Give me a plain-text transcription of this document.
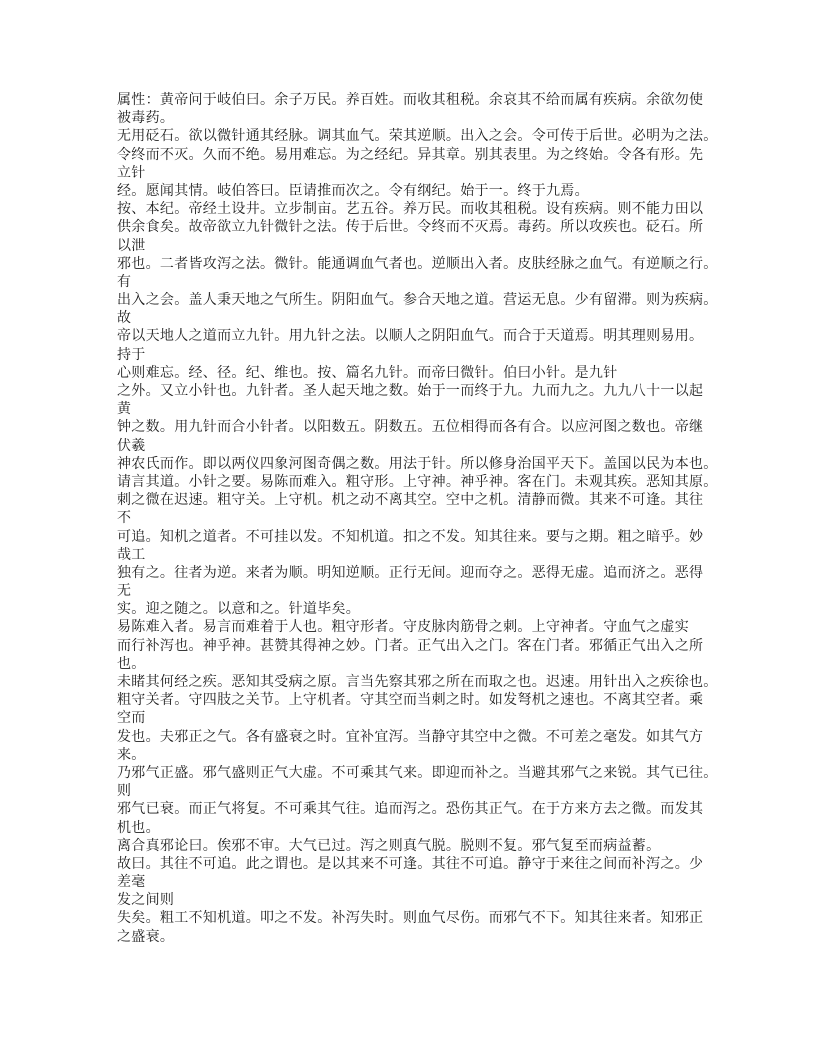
属性：黄帝问于岐伯曰。余子万民。养百姓。而收其租税。余哀其不给而属有疾病。余欲勿使
被毒药。
无用砭石。欲以微针通其经脉。调其血气。荣其逆顺。出入之会。令可传于后世。必明为之法。
令终而不灭。久而不绝。易用难忘。为之经纪。异其章。别其表里。为之终始。令各有形。先
立针
经。愿闻其情。岐伯答曰。臣请推而次之。令有纲纪。始于一。终于九焉。
按、本纪。帝经土设井。立步制亩。艺五谷。养万民。而收其租税。设有疾病。则不能力田以
供余食矣。故帝欲立九针微针之法。传于后世。令终而不灭焉。毒药。所以攻疾也。砭石。所
以泄
邪也。二者皆攻泻之法。微针。能通调血气者也。逆顺出入者。皮肤经脉之血气。有逆顺之行。
有
出入之会。盖人秉天地之气所生。阴阳血气。参合天地之道。营运无息。少有留滞。则为疾病。
故
帝以天地人之道而立九针。用九针之法。以顺人之阴阳血气。而合于天道焉。明其理则易用。
持于
心则难忘。经、径。纪、维也。按、篇名九针。而帝曰微针。伯曰小针。是九针
之外。又立小针也。九针者。圣人起天地之数。始于一而终于九。九而九之。九九八十一以起
黄
钟之数。用九针而合小针者。以阳数五。阴数五。五位相得而各有合。以应河图之数也。帝继
伏羲
神农氏而作。即以两仪四象河图奇偶之数。用法于针。所以修身治国平天下。盖国以民为本也。
请言其道。小针之要。易陈而难入。粗守形。上守神。神乎神。客在门。未观其疾。恶知其原。
刺之微在迟速。粗守关。上守机。机之动不离其空。空中之机。清静而微。其来不可逢。其往
不
可追。知机之道者。不可挂以发。不知机道。扣之不发。知其往来。要与之期。粗之暗乎。妙
哉工
独有之。往者为逆。来者为顺。明知逆顺。正行无间。迎而夺之。恶得无虚。追而济之。恶得
无
实。迎之随之。以意和之。针道毕矣。
易陈难入者。易言而难着于人也。粗守形者。守皮脉肉筋骨之刺。上守神者。守血气之虚实
而行补泻也。神乎神。甚赞其得神之妙。门者。正气出入之门。客在门者。邪循正气出入之所
也。
未睹其何经之疾。恶知其受病之原。言当先察其邪之所在而取之也。迟速。用针出入之疾徐也。
粗守关者。守四肢之关节。上守机者。守其空而当刺之时。如发弩机之速也。不离其空者。乘
空而
发也。夫邪正之气。各有盛衰之时。宜补宜泻。当静守其空中之微。不可差之毫发。如其气方
来。
乃邪气正盛。邪气盛则正气大虚。不可乘其气来。即迎而补之。当避其邪气之来锐。其气已往。
则
邪气已衰。而正气将复。不可乘其气往。追而泻之。恐伤其正气。在于方来方去之微。而发其
机也。
离合真邪论曰。俟邪不审。大气已过。泻之则真气脱。脱则不复。邪气复至而病益蓄。
故曰。其往不可追。此之谓也。是以其来不可逢。其往不可追。静守于来往之间而补泻之。少
差毫
发之间则
失矣。粗工不知机道。叩之不发。补泻失时。则血气尽伤。而邪气不下。知其往来者。知邪正
之盛衰。
